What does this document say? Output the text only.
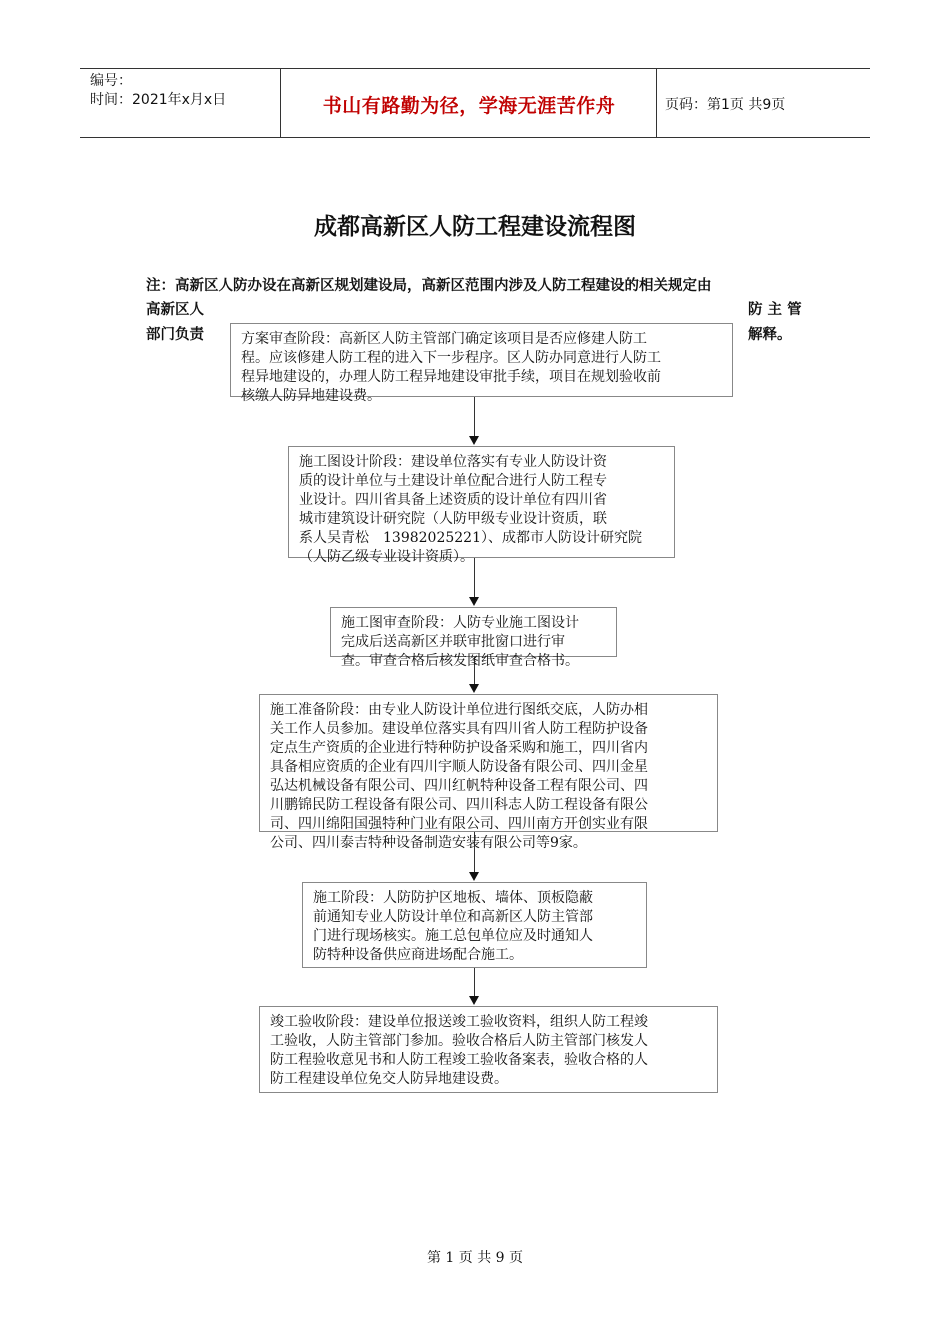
编号：
时间：2021年x月x日	书山有路勤为径，学海无涯苦作舟	页码：第1页 共9页
成都高新区人防工程建设流程图
注：高新区人防办设在高新区规划建设局，高新区范围内涉及人防工程建设的相关规定由
高新区人	防 主 管
部门负责	解释。
方案审查阶段：高新区人防主管部门确定该项目是否应修建人防工
程。应该修建人防工程的进入下一步程序。区人防办同意进行人防工
程异地建设的，办理人防工程异地建设审批手续，项目在规划验收前
核缴人防异地建设费。
施工图设计阶段：建设单位落实有专业人防设计资
质的设计单位与土建设计单位配合进行人防工程专
业设计。四川省具备上述资质的设计单位有四川省
城市建筑设计研究院（人防甲级专业设计资质，联
系人吴青松　13982025221）、成都市人防设计研究院
（人防乙级专业设计资质）。
施工图审查阶段：人防专业施工图设计
完成后送高新区并联审批窗口进行审
查。审查合格后核发图纸审查合格书。
施工准备阶段：由专业人防设计单位进行图纸交底，人防办相
关工作人员参加。建设单位落实具有四川省人防工程防护设备
定点生产资质的企业进行特种防护设备采购和施工，四川省内
具备相应资质的企业有四川宇顺人防设备有限公司、四川金星
弘达机械设备有限公司、四川红帆特种设备工程有限公司、四
川鹏锦民防工程设备有限公司、四川科志人防工程设备有限公
司、四川绵阳国强特种门业有限公司、四川南方开创实业有限
公司、四川泰吉特种设备制造安装有限公司等9家。
施工阶段：人防防护区地板、墙体、顶板隐蔽
前通知专业人防设计单位和高新区人防主管部
门进行现场核实。施工总包单位应及时通知人
防特种设备供应商进场配合施工。
竣工验收阶段：建设单位报送竣工验收资料，组织人防工程竣
工验收，人防主管部门参加。验收合格后人防主管部门核发人
防工程验收意见书和人防工程竣工验收备案表，验收合格的人
防工程建设单位免交人防异地建设费。
第 1 页 共 9 页
